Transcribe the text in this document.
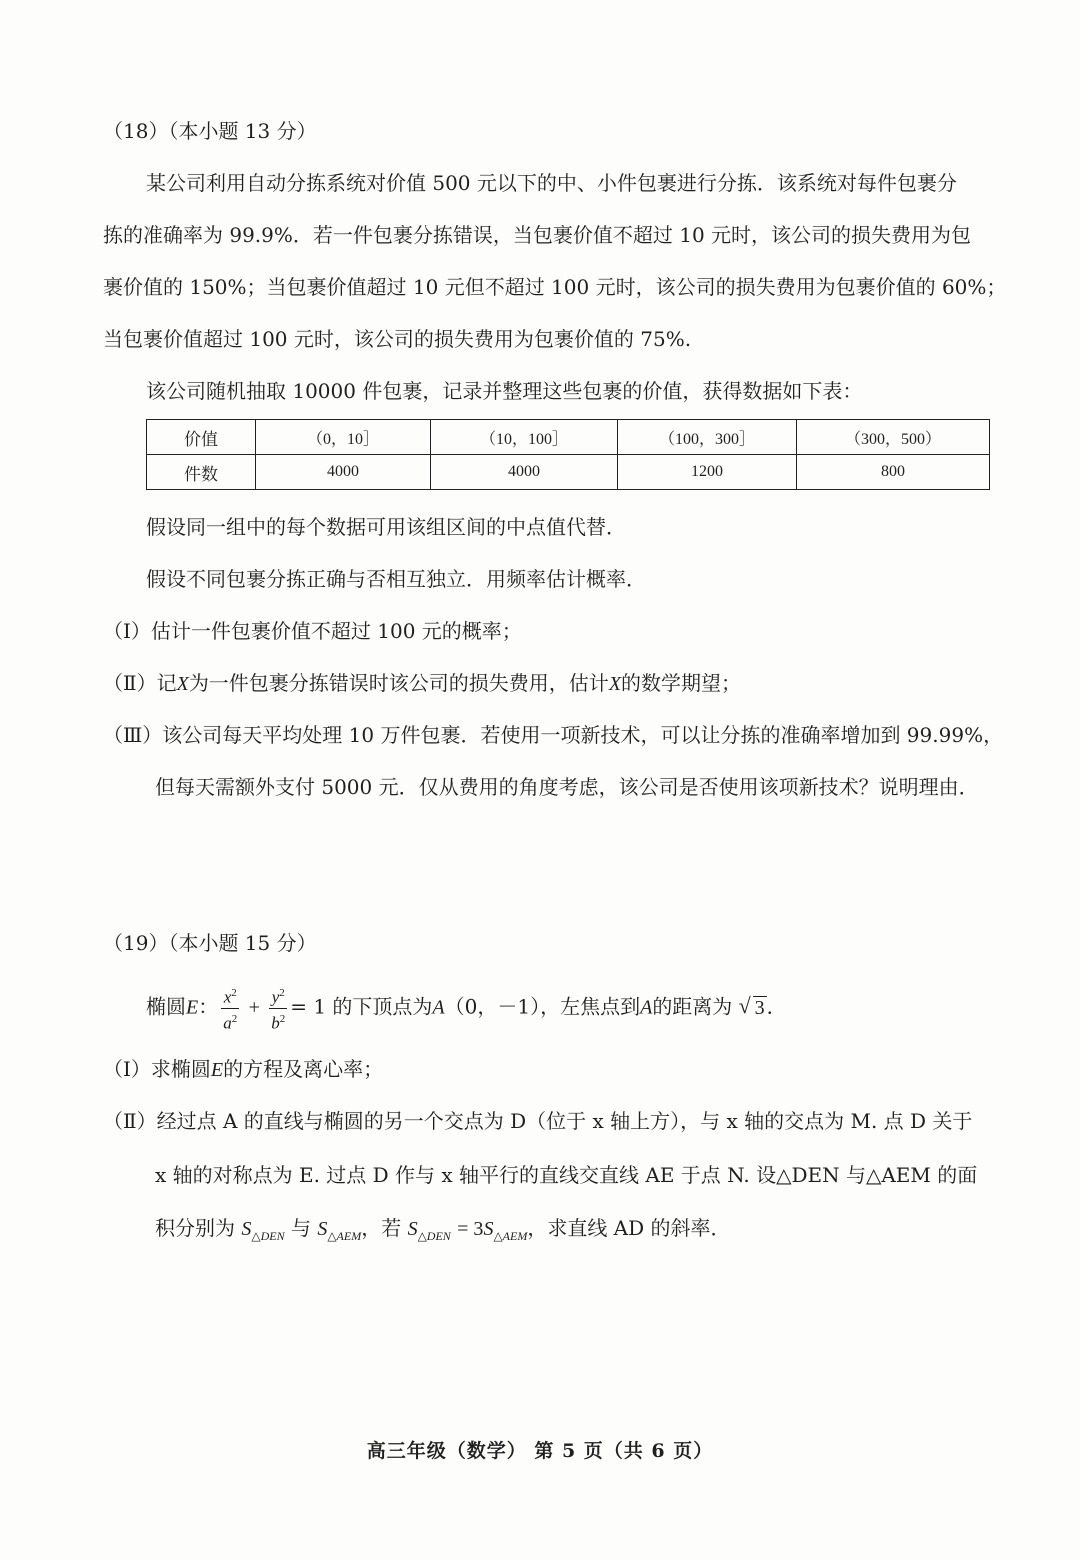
（18）（本小题 13 分）
某公司利用自动分拣系统对价值 500 元以下的中、小件包裹进行分拣．该系统对每件包裹分
拣的准确率为 99.9%．若一件包裹分拣错误，当包裹价值不超过 10 元时，该公司的损失费用为包
裹价值的 150%；当包裹价值超过 10 元但不超过 100 元时，该公司的损失费用为包裹价值的 60%；
当包裹价值超过 100 元时，该公司的损失费用为包裹价值的 75%.
该公司随机抽取 10000 件包裹，记录并整理这些包裹的价值，获得数据如下表：
价值	（0，10］	（10，100］	（100，300］	（300，500）
件数	4000	4000	1200	800
假设同一组中的每个数据可用该组区间的中点值代替．
假设不同包裹分拣正确与否相互独立．用频率估计概率．
（Ⅰ）估计一件包裹价值不超过 100 元的概率；
（Ⅱ）记X为一件包裹分拣错误时该公司的损失费用，估计X的数学期望；
（Ⅲ）该公司每天平均处理 10 万件包裹．若使用一项新技术，可以让分拣的准确率增加到 99.99%，
但每天需额外支付 5000 元．仅从费用的角度考虑，该公司是否使用该项新技术？说明理由．
（19）（本小题 15 分）
椭圆E： $\frac{x^2}{a^2} + \frac{y^2}{b^2} = 1$ 的下顶点为A（0，－1），左焦点到A的距离为 √ 3 ．
（Ⅰ）求椭圆E的方程及离心率；
（Ⅱ）经过点 A 的直线与椭圆的另一个交点为 D（位于 x 轴上方），与 x 轴的交点为 M. 点 D 关于
x 轴的对称点为 E. 过点 D 作与 x 轴平行的直线交直线 AE 于点 N. 设△DEN 与△AEM 的面
积分别为 $S_{\triangle DEN}$ 与 $S_{\triangle AEM}$，若 $S_{\triangle DEN} = 3S_{\triangle AEM}$，求直线 AD 的斜率．
高三年级（数学） 第 5 页（共 6 页）
